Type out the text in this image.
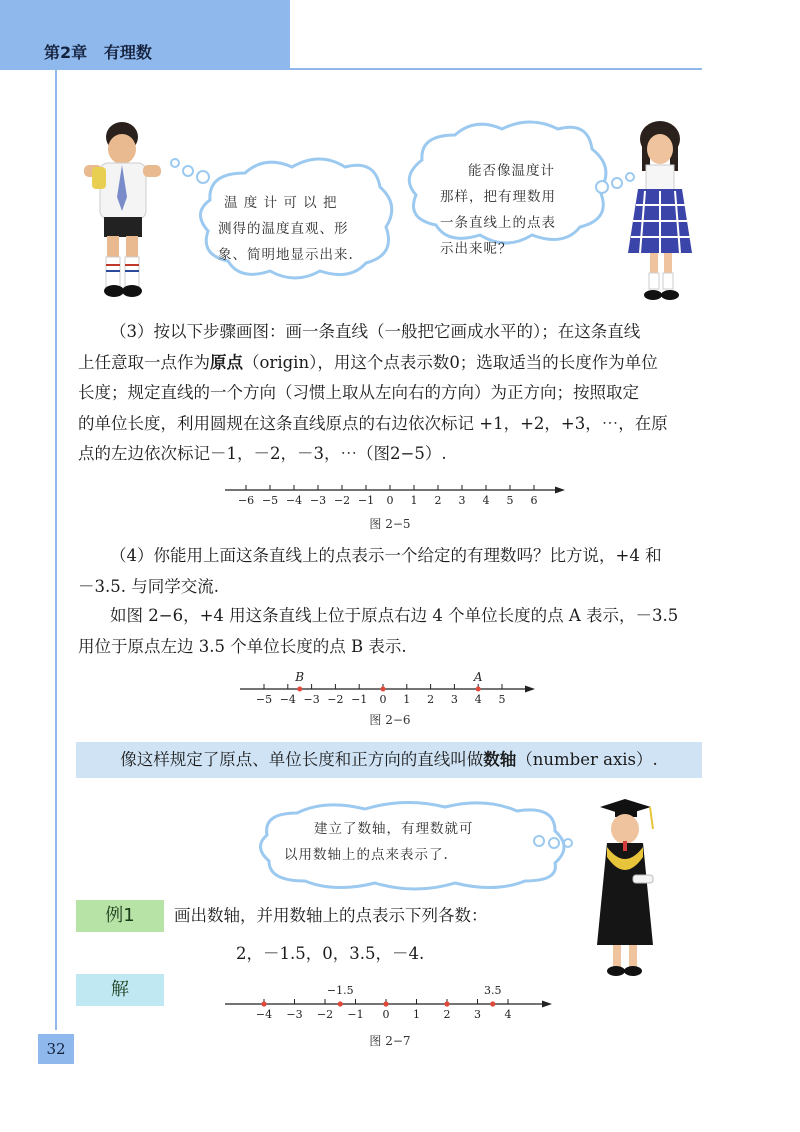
第2章 有理数
温 度 计 可 以 把
测得的温度直观、形
象、简明地显示出来.
能否像温度计
那样，把有理数用
一条直线上的点表
示出来呢？
（3）按以下步骤画图：画一条直线（一般把它画成水平的）；在这条直线
上任意取一点作为原点（origin），用这个点表示数0；选取适当的长度作为单位
长度；规定直线的一个方向（习惯上取从左向右的方向）为正方向；按照取定
的单位长度，利用圆规在这条直线原点的右边依次标记 +1，+2，+3，⋯，在原
点的左边依次标记－1，－2，－3，⋯（图2−5）.
−6 −5 −4 −3 −2 −1 0 1 2 3 4 5 6
图 2−5
（4）你能用上面这条直线上的点表示一个给定的有理数吗？比方说，+4 和
－3.5. 与同学交流.
如图 2−6，+4 用这条直线上位于原点右边 4 个单位长度的点 A 表示，－3.5
用位于原点左边 3.5 个单位长度的点 B 表示.
−5 −4 −3 −2 −1 0 1 2 3 4 5
B	A
图 2−6
像这样规定了原点、单位长度和正方向的直线叫做数轴（number axis）.
建立了数轴，有理数就可
以用数轴上的点来表示了.
例1	画出数轴，并用数轴上的点表示下列各数：
2，－1.5，0，3.5，－4.
解
−4 −3 −2 −1 0 1 2 3 4
−1.5	3.5
图 2−7
32
